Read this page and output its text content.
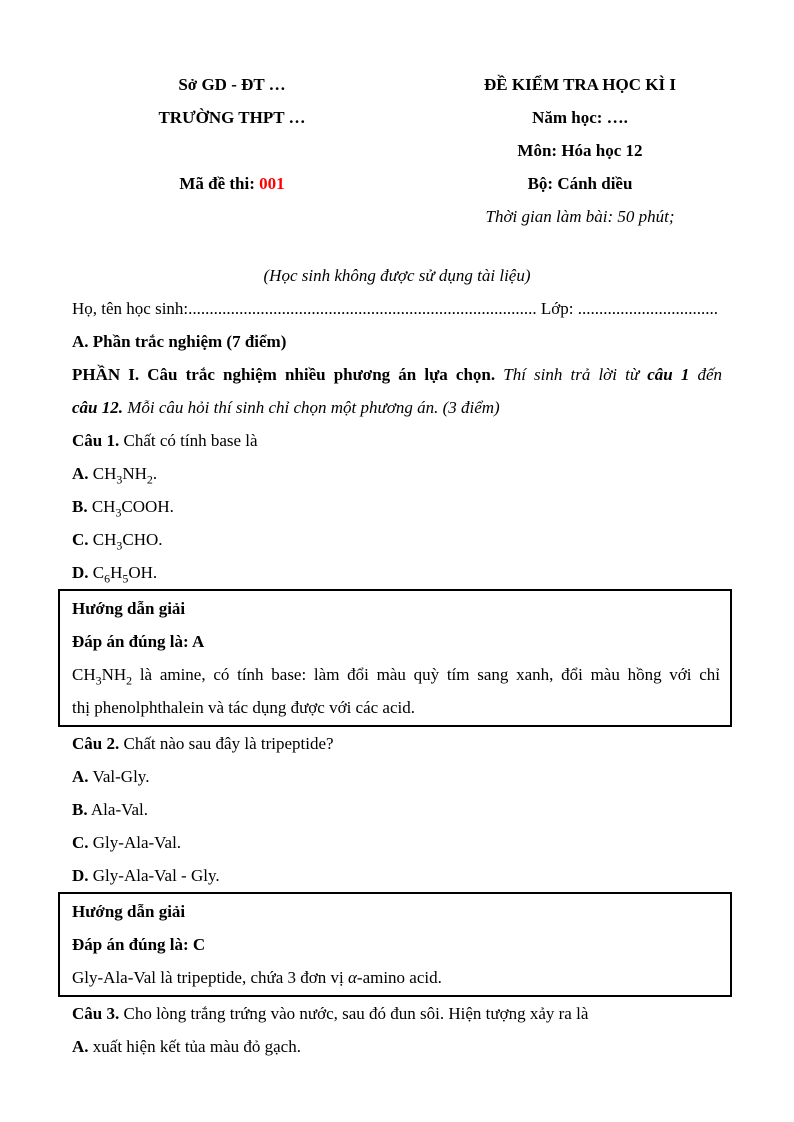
Sở GD - ĐT …
TRƯỜNG THPT …
Mã đề thi: 001
ĐỀ KIỂM TRA HỌC KÌ I
Năm học: ….
Môn: Hóa học 12
Bộ: Cánh diều
Thời gian làm bài: 50 phút;
(Học sinh không được sử dụng tài liệu)
Họ, tên học sinh:.................................................................................. Lớp: .................................
A. Phần trắc nghiệm (7 điểm)
PHẦN I. Câu trắc nghiệm nhiều phương án lựa chọn. Thí sinh trả lời từ câu 1 đến
câu 12. Mỗi câu hỏi thí sinh chỉ chọn một phương án. (3 điểm)
Câu 1. Chất có tính base là
A. $CH_3NH_2$.
B. $CH_3COOH$.
C. $CH_3CHO$.
D. $C_6H_5OH$.
Hướng dẫn giải
Đáp án đúng là: A
$CH_3NH_2$ là amine, có tính base: làm đổi màu quỳ tím sang xanh, đổi màu hồng với chỉ
thị phenolphthalein và tác dụng được với các acid.
Câu 2. Chất nào sau đây là tripeptide?
A. Val-Gly.
B. Ala-Val.
C. Gly-Ala-Val.
D. Gly-Ala-Val - Gly.
Hướng dẫn giải
Đáp án đúng là: C
Gly-Ala-Val là tripeptide, chứa 3 đơn vị α-amino acid.
Câu 3. Cho lòng trắng trứng vào nước, sau đó đun sôi. Hiện tượng xảy ra là
A. xuất hiện kết tủa màu đỏ gạch.
